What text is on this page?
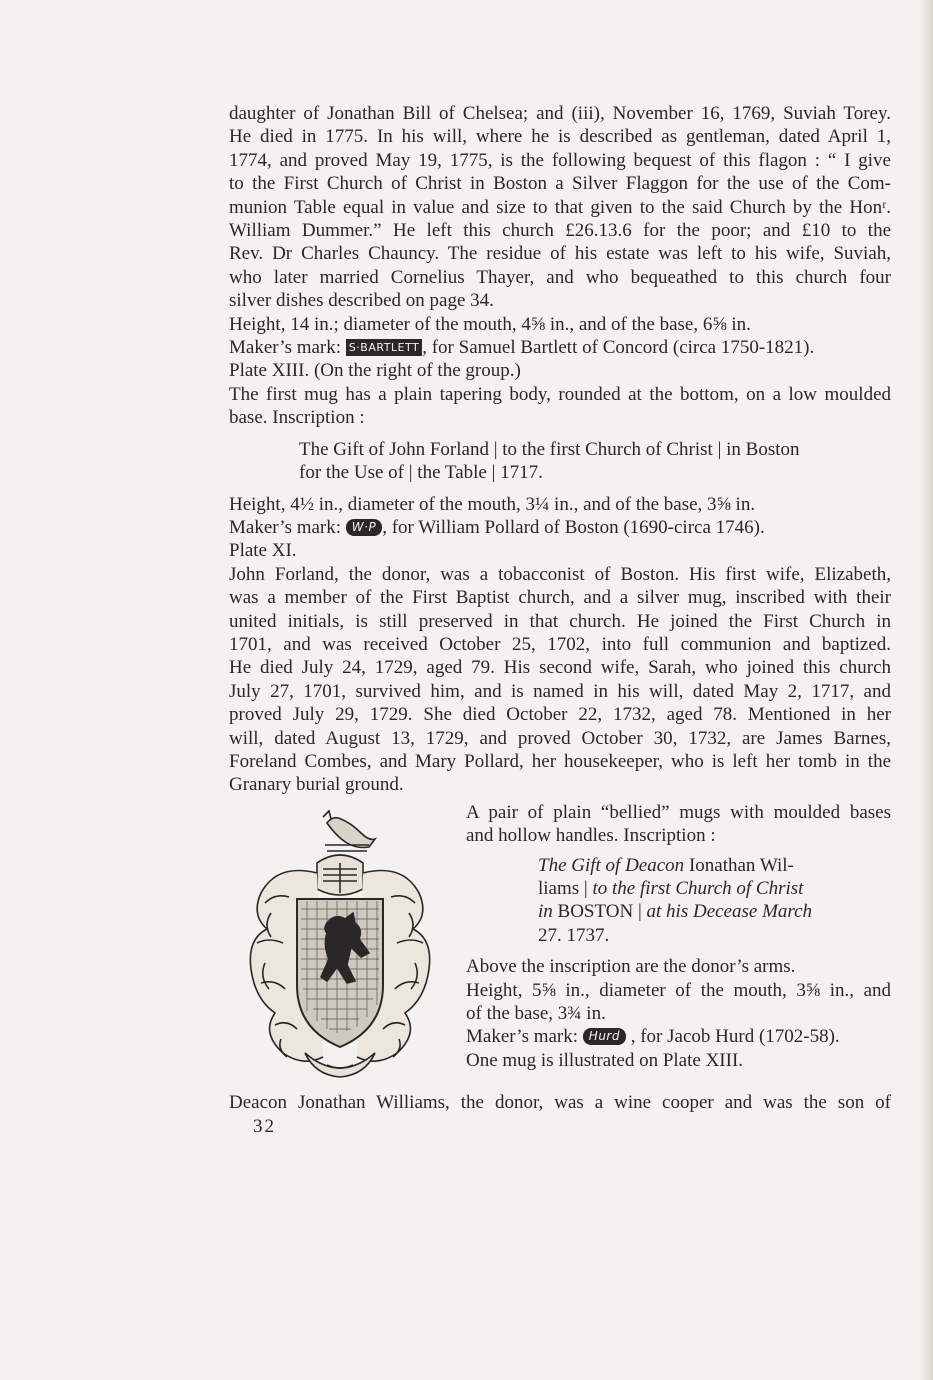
daughter of Jonathan Bill of Chelsea; and (iii), November 16, 1769, Suviah Torey.

He died in 1775. In his will, where he is described as gentleman, dated April 1,

1774, and proved May 19, 1775, is the following bequest of this flagon : “ I give

to the First Church of Christ in Boston a Silver Flaggon for the use of the Com-

munion Table equal in value and size to that given to the said Church by the Honʳ.

William Dummer.” He left this church £26.13.6 for the poor; and £10 to the

Rev. Dr Charles Chauncy. The residue of his estate was left to his wife, Suviah,

who later married Cornelius Thayer, and who bequeathed to this church four

silver dishes described on page 34.

Height, 14 in.; diameter of the mouth, 4⅝ in., and of the base, 6⅝ in.

Maker’s mark: S·BARTLETT , for Samuel Bartlett of Concord (circa 1750-1821).

Plate XIII. (On the right of the group.)

The first mug has a plain tapering body, rounded at the bottom, on a low moulded

base. Inscription :

The Gift of John Forland | to the first Church of Christ | in Boston

for the Use of | the Table | 1717.

Height, 4½ in., diameter of the mouth, 3¼ in., and of the base, 3⅝ in.

Maker’s mark: W·P , for William Pollard of Boston (1690-circa 1746).

Plate XI.

John Forland, the donor, was a tobacconist of Boston. His first wife, Elizabeth,

was a member of the First Baptist church, and a silver mug, inscribed with their

united initials, is still preserved in that church. He joined the First Church in

1701, and was received October 25, 1702, into full communion and baptized.

He died July 24, 1729, aged 79. His second wife, Sarah, who joined this church

July 27, 1701, survived him, and is named in his will, dated May 2, 1717, and

proved July 29, 1729. She died October 22, 1732, aged 78. Mentioned in her

will, dated August 13, 1729, and proved October 30, 1732, are James Barnes,

Foreland Combes, and Mary Pollard, her housekeeper, who is left her tomb in the

Granary burial ground.

A pair of plain “bellied” mugs with moulded bases

and hollow handles. Inscription :

The Gift of Deacon Ionathan Wil-

liams | to the first Church of Christ

in BOSTON | at his Decease March

27. 1737.

Above the inscription are the donor’s arms.

Height, 5⅝ in., diameter of the mouth, 3⅝ in., and

of the base, 3¾ in.

Maker’s mark: Hurd , for Jacob Hurd (1702-58).

One mug is illustrated on Plate XIII.

Deacon Jonathan Williams, the donor, was a wine cooper and was the son of

32
